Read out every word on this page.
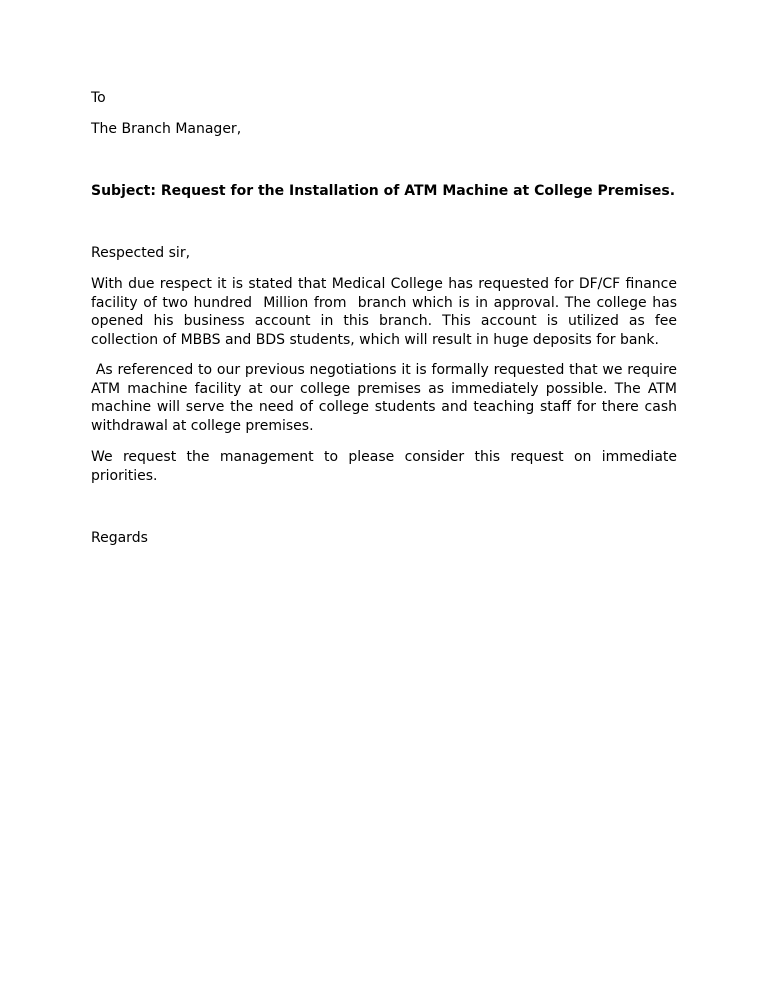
To

The Branch Manager,

Subject: Request for the Installation of ATM Machine at College Premises.

Respected sir,

With due respect it is stated that Medical College has requested for DF/CF finance facility of two hundred  Million from  branch which is in approval. The college has opened his business account in this branch. This account is utilized as fee collection of MBBS and BDS students, which will result in huge deposits for bank.

As referenced to our previous negotiations it is formally requested that we require ATM machine facility at our college premises as immediately possible. The ATM machine will serve the need of college students and teaching staff for there cash withdrawal at college premises.

We request the management to please consider this request on immediate priorities.

Regards
